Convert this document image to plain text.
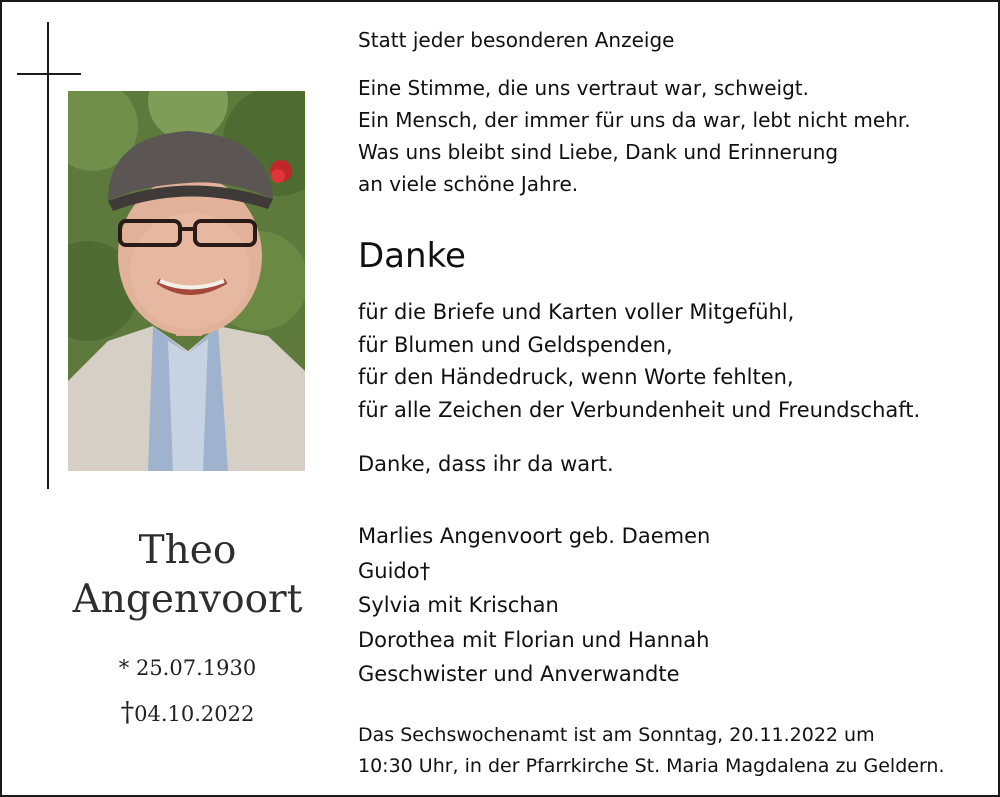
Theo
Angenvoort
* 25.07.1930
†04.10.2022
Statt jeder besonderen Anzeige
Eine Stimme, die uns vertraut war, schweigt.
Ein Mensch, der immer für uns da war, lebt nicht mehr.
Was uns bleibt sind Liebe, Dank und Erinnerung
an viele schöne Jahre.
Danke
für die Briefe und Karten voller Mitgefühl,
für Blumen und Geldspenden,
für den Händedruck, wenn Worte fehlten,
für alle Zeichen der Verbundenheit und Freundschaft.
Danke, dass ihr da wart.
Marlies Angenvoort geb. Daemen
Guido†
Sylvia mit Krischan
Dorothea mit Florian und Hannah
Geschwister und Anverwandte
Das Sechswochenamt ist am Sonntag, 20.11.2022 um
10:30 Uhr, in der Pfarrkirche St. Maria Magdalena zu Geldern.
